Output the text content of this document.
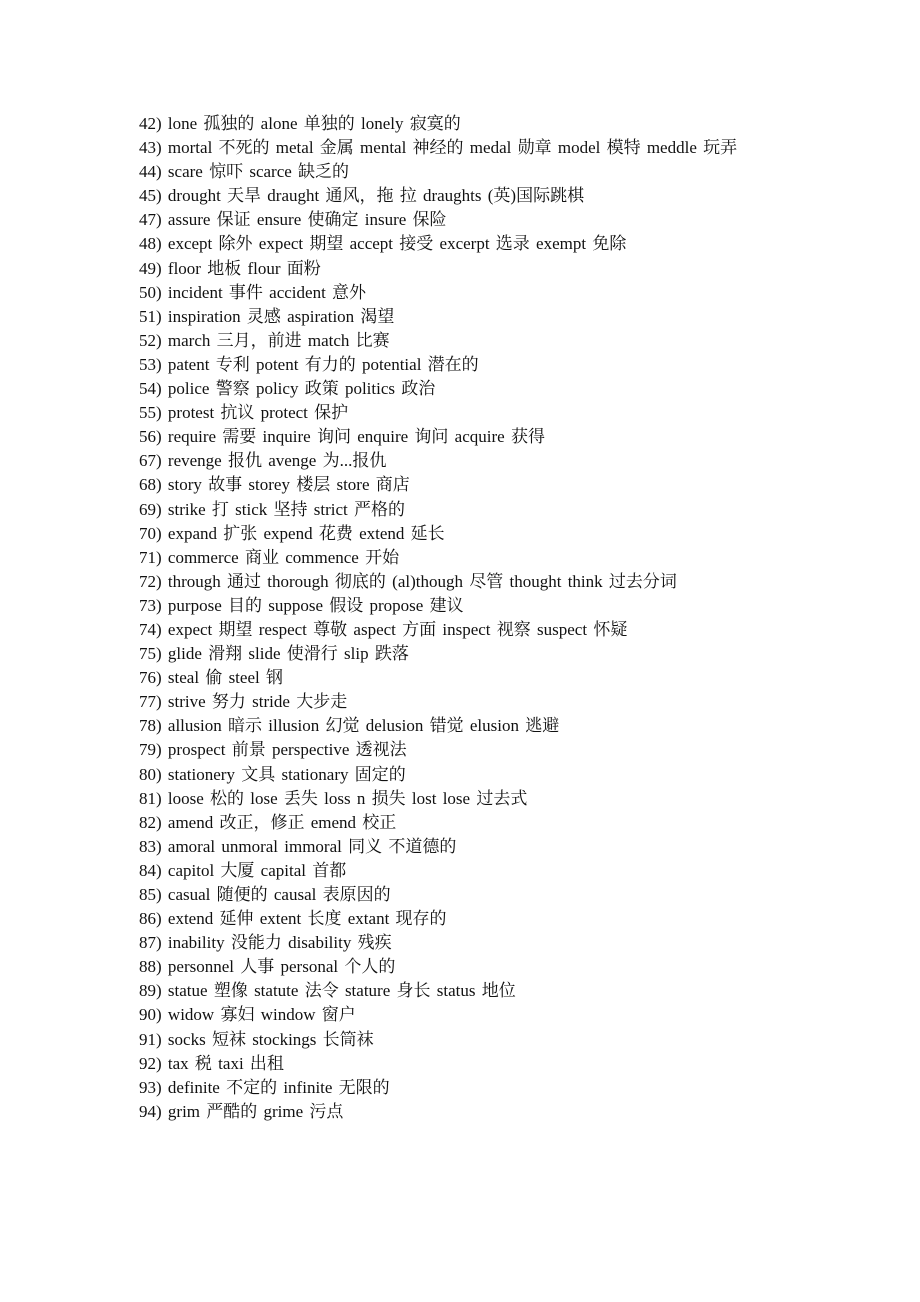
42) lone 孤独的 alone 单独的 lonely 寂寞的
43) mortal 不死的 metal 金属 mental 神经的 medal 勋章 model 模特 meddle 玩弄
44) scare 惊吓 scarce 缺乏的
45) drought 天旱 draught 通风，拖 拉 draughts (英)国际跳棋
47) assure 保证 ensure 使确定 insure 保险
48) except 除外 expect 期望 accept 接受 excerpt 选录 exempt 免除
49) floor 地板 flour 面粉
50) incident 事件 accident 意外
51) inspiration 灵感 aspiration 渴望
52) march 三月，前进 match 比赛
53) patent 专利 potent 有力的 potential 潜在的
54) police 警察 policy 政策 politics 政治
55) protest 抗议 protect 保护
56) require 需要 inquire 询问 enquire 询问 acquire 获得
67) revenge 报仇 avenge 为...报仇
68) story 故事 storey 楼层 store 商店
69) strike 打 stick 坚持 strict 严格的
70) expand 扩张 expend 花费 extend 延长
71) commerce 商业 commence 开始
72) through 通过 thorough 彻底的 (al)though 尽管 thought think 过去分词
73) purpose 目的 suppose 假设 propose 建议
74) expect 期望 respect 尊敬 aspect 方面 inspect 视察 suspect 怀疑
75) glide 滑翔 slide 使滑行 slip 跌落
76) steal 偷 steel 钢
77) strive 努力 stride 大步走
78) allusion 暗示 illusion 幻觉 delusion 错觉 elusion 逃避
79) prospect 前景 perspective 透视法
80) stationery 文具 stationary 固定的
81) loose 松的 lose 丢失 loss n 损失 lost lose 过去式
82) amend 改正，修正 emend 校正
83) amoral unmoral immoral 同义 不道德的
84) capitol 大厦 capital 首都
85) casual 随便的 causal 表原因的
86) extend 延伸 extent 长度 extant 现存的
87) inability 没能力 disability 残疾
88) personnel 人事 personal 个人的
89) statue 塑像 statute 法令 stature 身长 status 地位
90) widow 寡妇 window 窗户
91) socks 短袜 stockings 长筒袜
92) tax 税 taxi 出租
93) definite 不定的 infinite 无限的
94) grim 严酷的 grime 污点
